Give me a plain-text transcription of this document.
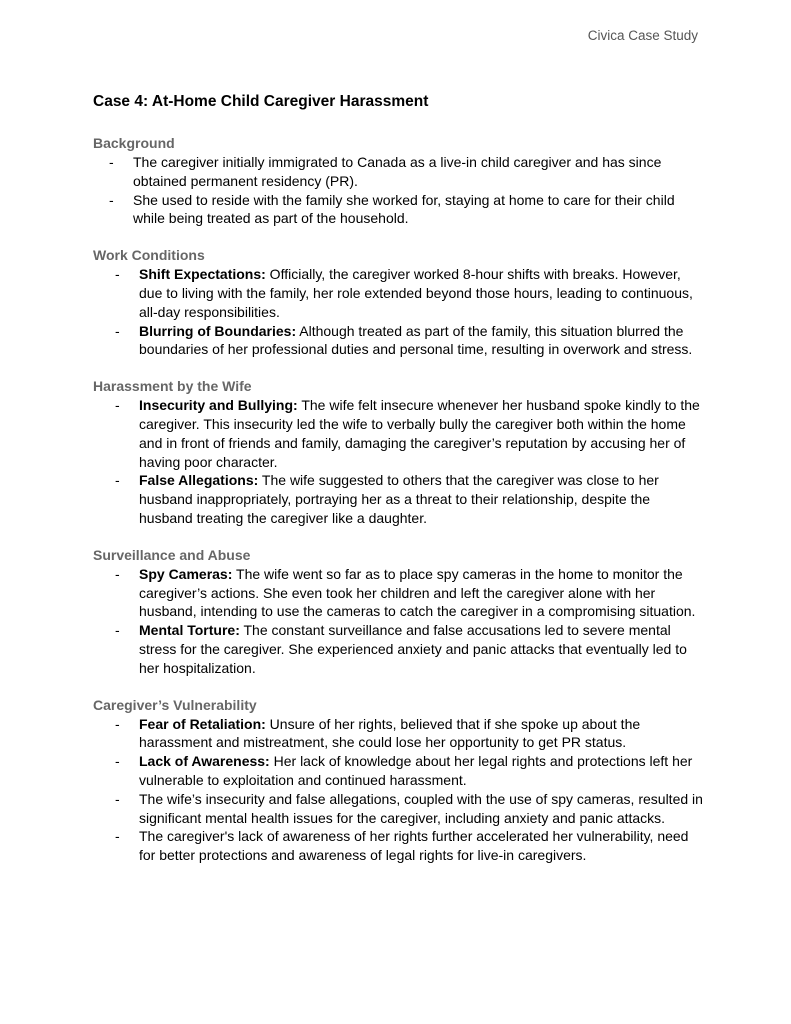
Civica Case Study
Case 4: At-Home Child Caregiver Harassment
Background
- The caregiver initially immigrated to Canada as a live-in child caregiver and has since obtained permanent residency (PR).
- She used to reside with the family she worked for, staying at home to care for their child while being treated as part of the household.
Work Conditions
- Shift Expectations: Officially, the caregiver worked 8-hour shifts with breaks. However, due to living with the family, her role extended beyond those hours, leading to continuous, all-day responsibilities.
- Blurring of Boundaries: Although treated as part of the family, this situation blurred the boundaries of her professional duties and personal time, resulting in overwork and stress.
Harassment by the Wife
- Insecurity and Bullying: The wife felt insecure whenever her husband spoke kindly to the caregiver. This insecurity led the wife to verbally bully the caregiver both within the home and in front of friends and family, damaging the caregiver’s reputation by accusing her of having poor character.
- False Allegations: The wife suggested to others that the caregiver was close to her husband inappropriately, portraying her as a threat to their relationship, despite the husband treating the caregiver like a daughter.
Surveillance and Abuse
- Spy Cameras: The wife went so far as to place spy cameras in the home to monitor the caregiver’s actions. She even took her children and left the caregiver alone with her husband, intending to use the cameras to catch the caregiver in a compromising situation.
- Mental Torture: The constant surveillance and false accusations led to severe mental stress for the caregiver. She experienced anxiety and panic attacks that eventually led to her hospitalization.
Caregiver’s Vulnerability
- Fear of Retaliation: Unsure of her rights, believed that if she spoke up about the harassment and mistreatment, she could lose her opportunity to get PR status.
- Lack of Awareness: Her lack of knowledge about her legal rights and protections left her vulnerable to exploitation and continued harassment.
- The wife’s insecurity and false allegations, coupled with the use of spy cameras, resulted in significant mental health issues for the caregiver, including anxiety and panic attacks.
- The caregiver's lack of awareness of her rights further accelerated her vulnerability, need for better protections and awareness of legal rights for live-in caregivers.
